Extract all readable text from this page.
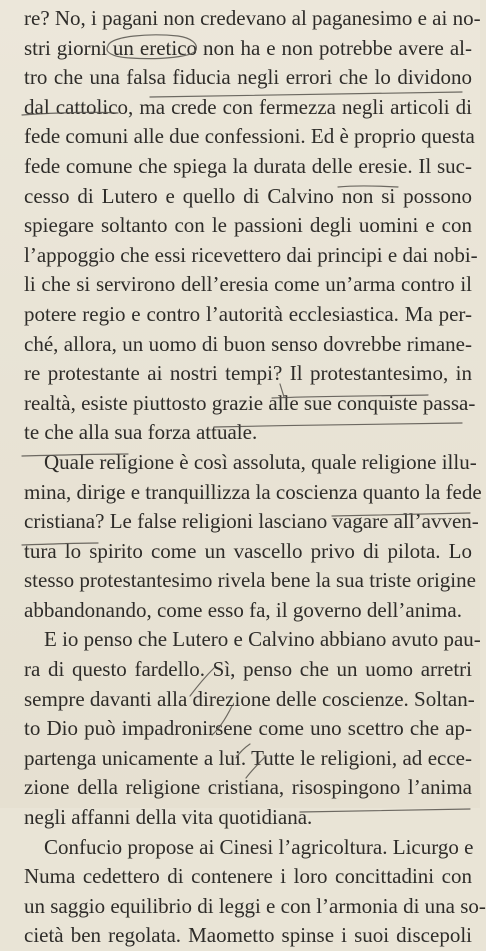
re? No, i pagani non credevano al paganesimo e ai no-
stri giorni un eretico non ha e non potrebbe avere al-
tro che una falsa fiducia negli errori che lo dividono
dal cattolico, ma crede con fermezza negli articoli di
fede comuni alle due confessioni. Ed è proprio questa
fede comune che spiega la durata delle eresie. Il suc-
cesso di Lutero e quello di Calvino non si possono
spiegare soltanto con le passioni degli uomini e con
l’appoggio che essi ricevettero dai principi e dai nobi-
li che si servirono dell’eresia come un’arma contro il
potere regio e contro l’autorità ecclesiastica. Ma per-
ché, allora, un uomo di buon senso dovrebbe rimane-
re protestante ai nostri tempi? Il protestantesimo, in
realtà, esiste piuttosto grazie alle sue conquiste passa-
te che alla sua forza attuale.
Quale religione è così assoluta, quale religione illu-
mina, dirige e tranquillizza la coscienza quanto la fede
cristiana? Le false religioni lasciano vagare all’avven-
tura lo spirito come un vascello privo di pilota. Lo
stesso protestantesimo rivela bene la sua triste origine
abbandonando, come esso fa, il governo dell’anima.
E io penso che Lutero e Calvino abbiano avuto pau-
ra di questo fardello. Sì, penso che un uomo arretri
sempre davanti alla direzione delle coscienze. Soltan-
to Dio può impadronirsene come uno scettro che ap-
partenga unicamente a lui. Tutte le religioni, ad ecce-
zione della religione cristiana, risospingono l’anima
negli affanni della vita quotidiana.
Confucio propose ai Cinesi l’agricoltura. Licurgo e
Numa cedettero di contenere i loro concittadini con
un saggio equilibrio di leggi e con l’armonia di una so-
cietà ben regolata. Maometto spinse i suoi discepoli
